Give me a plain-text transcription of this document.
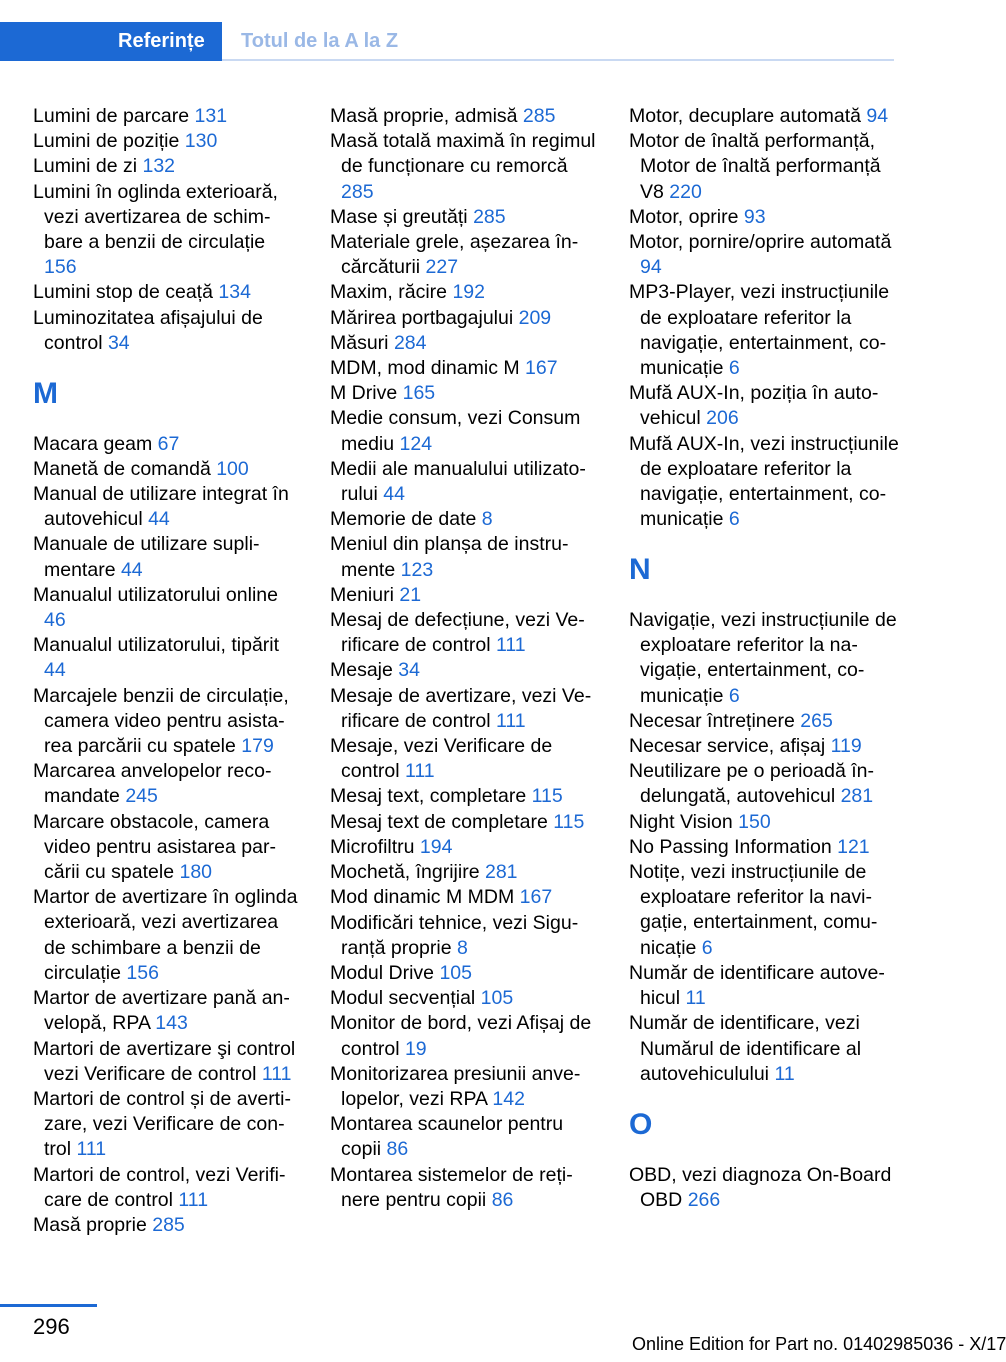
Referințe	Totul de la A la Z
Lumini de parcare 131
Lumini de poziție 130
Lumini de zi 132
Lumini în oglinda exterioară, vezi avertizarea de schimbare a benzii de circulație 156
Lumini stop de ceață 134
Luminozitatea afișajului de control 34
M
Macara geam 67
Manetă de comandă 100
Manual de utilizare integrat în autovehicul 44
Manuale de utilizare suplimentare 44
Manualul utilizatorului online 46
Manualul utilizatorului, tipărit 44
Marcajele benzii de circulație, camera video pentru asistarea parcării cu spatele 179
Marcarea anvelopelor recomandate 245
Marcare obstacole, camera video pentru asistarea parcării cu spatele 180
Martor de avertizare în oglinda exterioară, vezi avertizarea de schimbare a benzii de circulație 156
Martor de avertizare pană anvelopă, RPA 143
Martori de avertizare şi control vezi Verificare de control 111
Martori de control și de avertizare, vezi Verificare de control 111
Martori de control, vezi Verificare de control 111
Masă proprie 285
Masă proprie, admisă 285
Masă totală maximă în regimul de funcționare cu remorcă 285
Mase și greutăți 285
Materiale grele, așezarea încărcăturii 227
Maxim, răcire 192
Mărirea portbagajului 209
Măsuri 284
MDM, mod dinamic M 167
M Drive 165
Medie consum, vezi Consum mediu 124
Medii ale manualului utilizatorului 44
Memorie de date 8
Meniul din planșa de instrumente 123
Meniuri 21
Mesaj de defecțiune, vezi Verificare de control 111
Mesaje 34
Mesaje de avertizare, vezi Verificare de control 111
Mesaje, vezi Verificare de control 111
Mesaj text, completare 115
Mesaj text de completare 115
Microfiltru 194
Mochetă, îngrijire 281
Mod dinamic M MDM 167
Modificări tehnice, vezi Siguranță proprie 8
Modul Drive 105
Modul secvențial 105
Monitor de bord, vezi Afișaj de control 19
Monitorizarea presiunii anvelopelor, vezi RPA 142
Montarea scaunelor pentru copii 86
Montarea sistemelor de reținere pentru copii 86
Motor, decuplare automată 94
Motor de înaltă performanță, Motor de înaltă performanță V8 220
Motor, oprire 93
Motor, pornire/oprire automată 94
MP3-Player, vezi instrucțiunile de exploatare referitor la navigație, entertainment, comunicație 6
Mufă AUX-In, poziția în autovehicul 206
Mufă AUX-In, vezi instrucțiunile de exploatare referitor la navigație, entertainment, comunicație 6
N
Navigație, vezi instrucțiunile de exploatare referitor la navigație, entertainment, comunicație 6
Necesar întreținere 265
Necesar service, afișaj 119
Neutilizare pe o perioadă îndelungată, autovehicul 281
Night Vision 150
No Passing Information 121
Notițe, vezi instrucțiunile de exploatare referitor la navigație, entertainment, comunicație 6
Număr de identificare autovehicul 11
Număr de identificare, vezi Numărul de identificare al autovehiculului 11
O
OBD, vezi diagnoza On-Board OBD 266
296
Online Edition for Part no. 01402985036 - X/17
